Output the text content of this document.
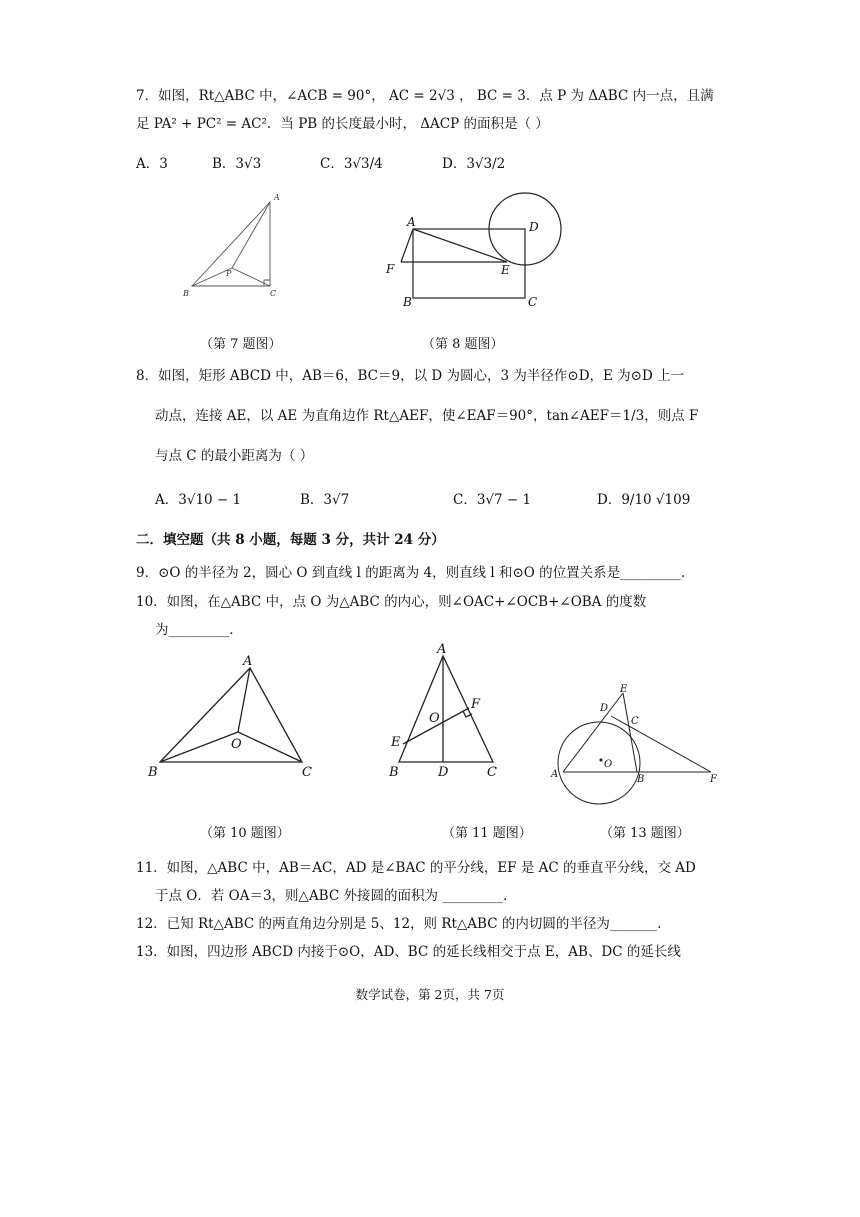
7．如图，Rt△ABC 中，∠ACB = 90°， AC = 2√3 ， BC = 3．点 P 为 ΔABC 内一点，且满
足 PA² + PC² = AC²．当 PB 的长度最小时， ΔACP 的面积是（ ）
A．3	B．3√3	C．3√3/4	D．3√3/2
A
P
B	C
A	D
F	E
B	C
（第 7 题图）	（第 8 题图）
8．如图，矩形 ABCD 中，AB＝6，BC＝9，以 D 为圆心，3 为半径作⊙D，E 为⊙D 上一
动点，连接 AE，以 AE 为直角边作 Rt△AEF，使∠EAF＝90°，tan∠AEF＝1/3，则点 F
与点 C 的最小距离为（ ）
A．3√10 − 1	B．3√7	C．3√7 − 1	D．9/10 √109
二．填空题（共 8 小题，每题 3 分，共计 24 分）
9．⊙O 的半径为 2，圆心 O 到直线 l 的距离为 4，则直线 l 和⊙O 的位置关系是_________.
10．如图，在△ABC 中，点 O 为△ABC 的内心，则∠OAC+∠OCB+∠OBA 的度数
为_________.
A
O
B	C
A
F
O
E
B	D	C
E
D
C
O
A	B	F
（第 10 题图）	（第 11 题图）	（第 13 题图）
11．如图，△ABC 中，AB＝AC，AD 是∠BAC 的平分线，EF 是 AC 的垂直平分线，交 AD
于点 O．若 OA＝3，则△ABC 外接圆的面积为 _________.
12．已知 Rt△ABC 的两直角边分别是 5、12，则 Rt△ABC 的内切圆的半径为_______.
13．如图，四边形 ABCD 内接于⊙O，AD、BC 的延长线相交于点 E，AB、DC 的延长线
数学试卷，第 2页，共 7页
